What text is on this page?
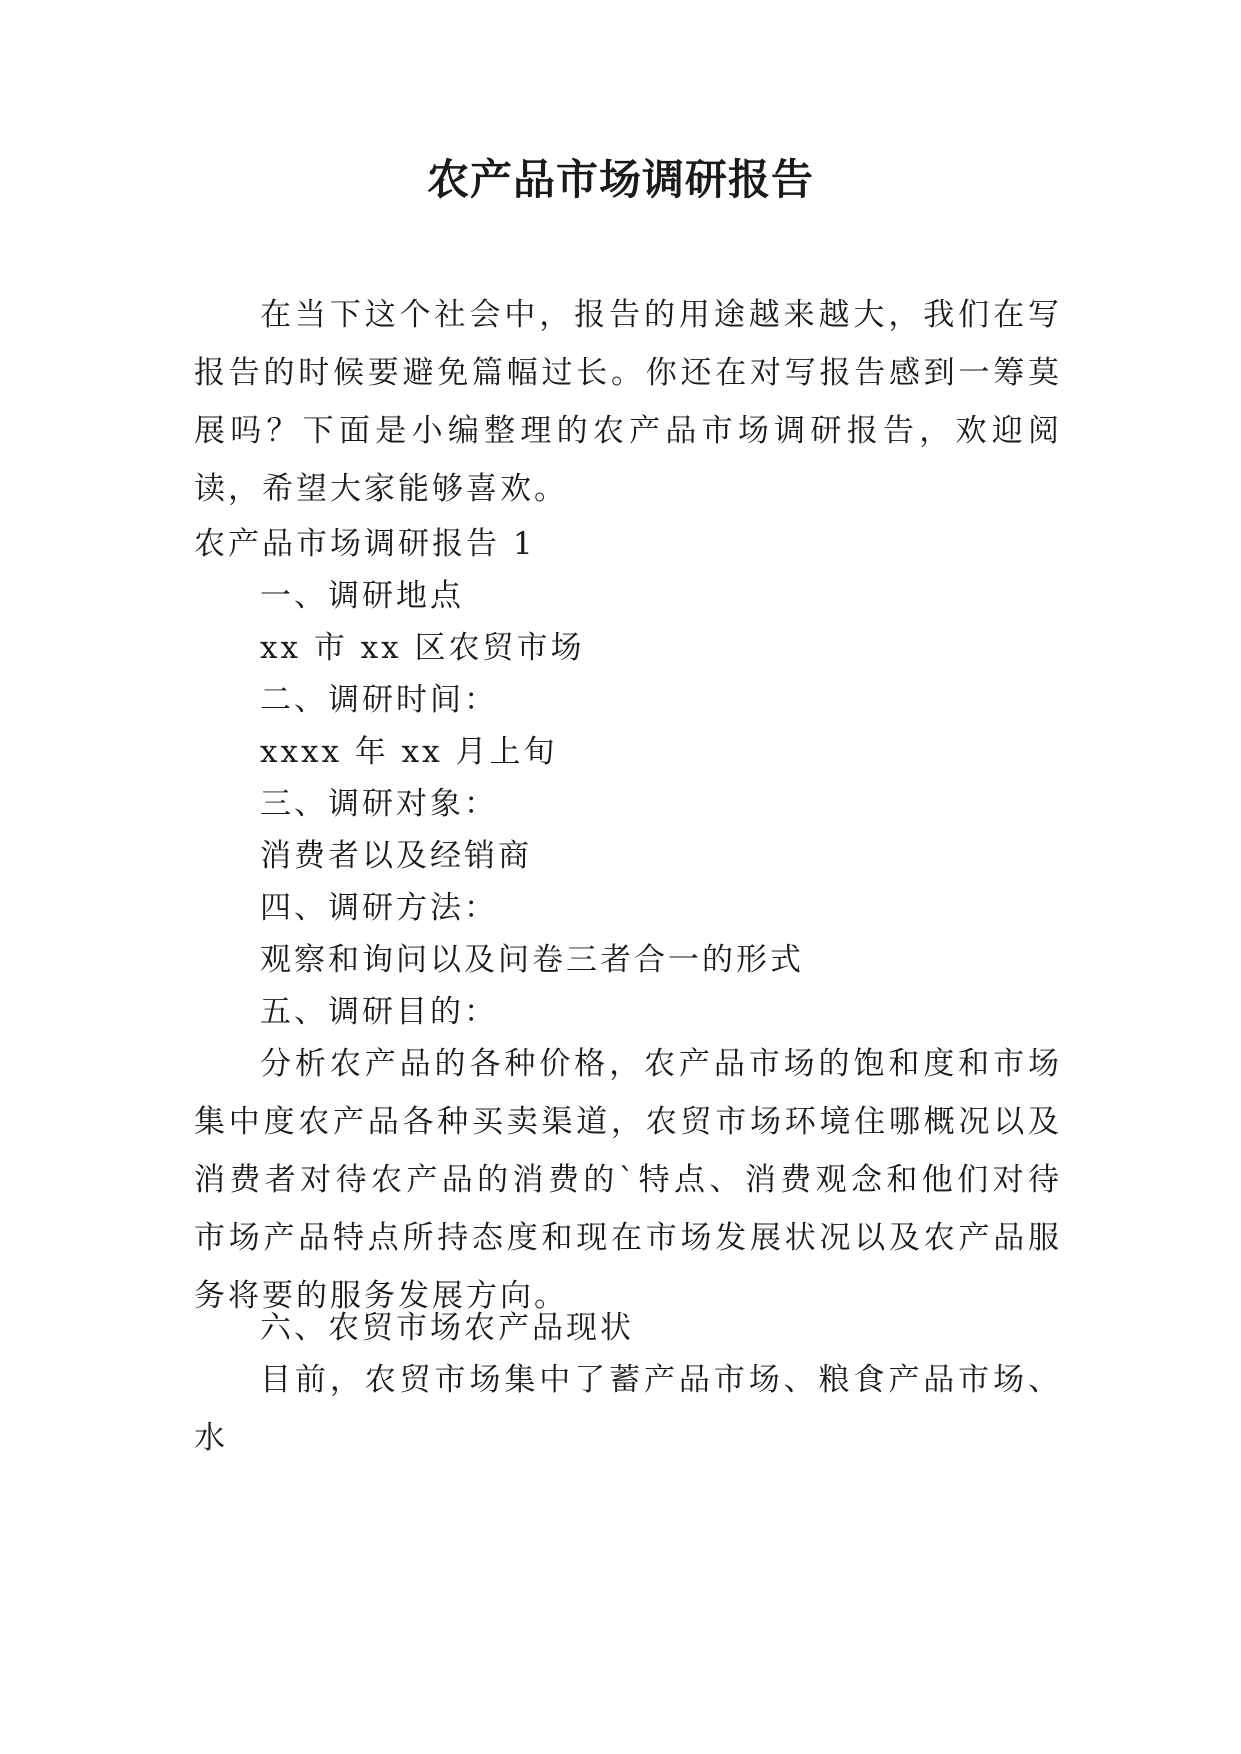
农产品市场调研报告

在当下这个社会中，报告的用途越来越大，我们在写报告的时候要避免篇幅过长。你还在对写报告感到一筹莫展吗？下面是小编整理的农产品市场调研报告，欢迎阅读，希望大家能够喜欢。

农产品市场调研报告 1

一、调研地点

xx 市 xx 区农贸市场

二、调研时间：

xxxx 年 xx 月上旬

三、调研对象：

消费者以及经销商

四、调研方法：

观察和询问以及问卷三者合一的形式

五、调研目的：

分析农产品的各种价格，农产品市场的饱和度和市场集中度农产品各种买卖渠道，农贸市场环境住哪概况以及消费者对待农产品的消费的`特点、消费观念和他们对待市场产品特点所持态度和现在市场发展状况以及农产品服务将要的服务发展方向。

六、农贸市场农产品现状

目前，农贸市场集中了蓄产品市场、粮食产品市场、水
